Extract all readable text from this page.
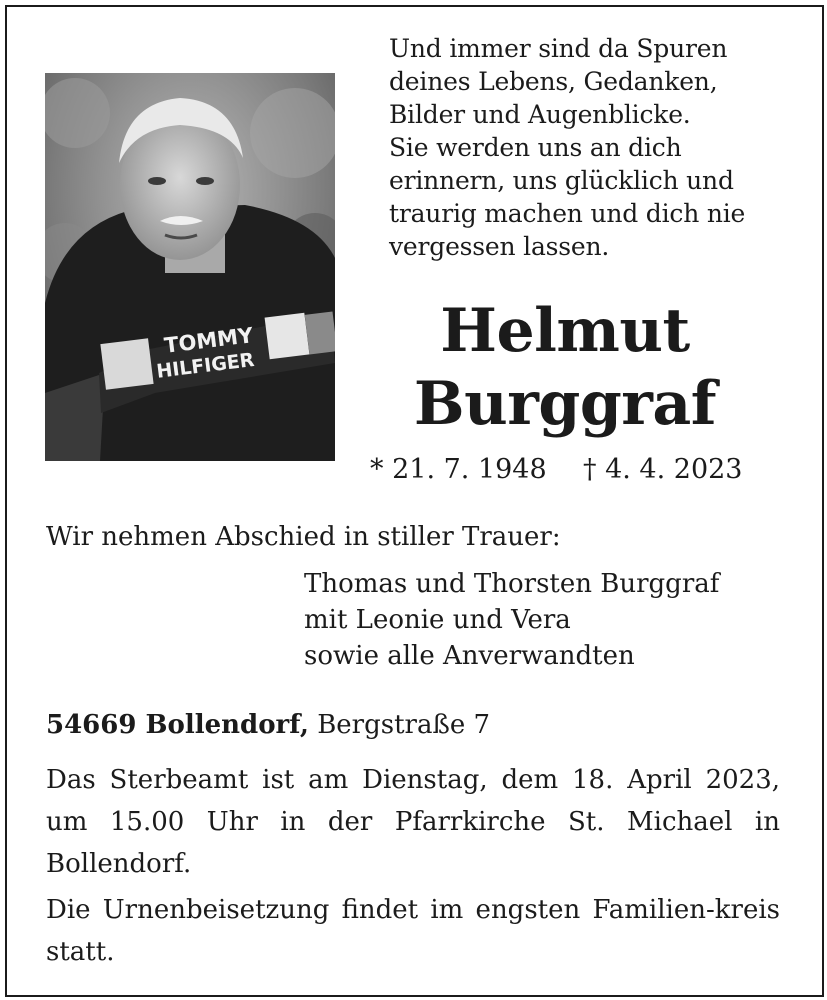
TOMMY
HILFIGER

Und immer sind da Spuren
deines Lebens, Gedanken,
Bilder und Augenblicke.
Sie werden uns an dich
erinnern, uns glücklich und
traurig machen und dich nie
vergessen lassen.

Helmut
Burggraf
* 21. 7. 1948 † 4. 4. 2023

Wir nehmen Abschied in stiller Trauer:

Thomas und Thorsten Burggraf
mit Leonie und Vera
sowie alle Anverwandten

54669 Bollendorf, Bergstraße 7

Das Sterbeamt ist am Dienstag, dem 18. April 2023, um 15.00 Uhr in der Pfarrkirche St. Michael in Bollendorf.

Die Urnenbeisetzung findet im engsten Familien-kreis statt.
